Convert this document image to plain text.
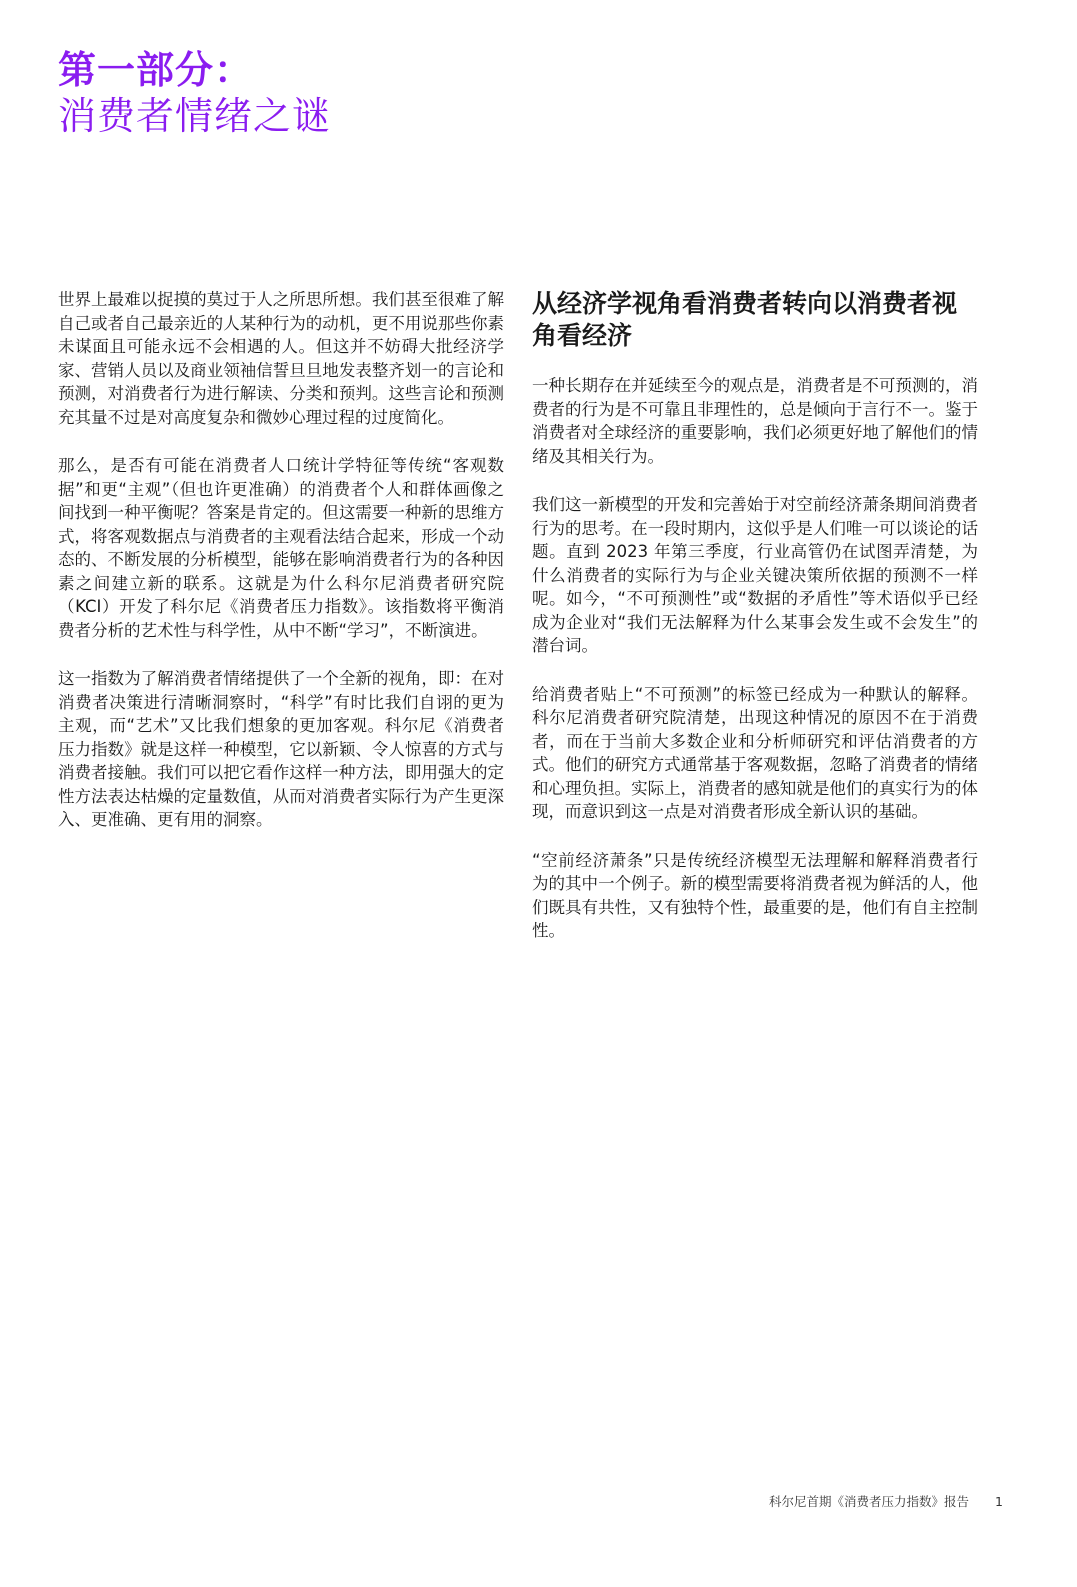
第一部分：
消费者情绪之谜

世界上最难以捉摸的莫过于人之所思所想。我们甚至很难了解自己或者自己最亲近的人某种行为的动机，更不用说那些你素未谋面且可能永远不会相遇的人。但这并不妨碍大批经济学家、营销人员以及商业领袖信誓旦旦地发表整齐划一的言论和预测，对消费者行为进行解读、分类和预判。这些言论和预测充其量不过是对高度复杂和微妙心理过程的过度简化。

那么，是否有可能在消费者人口统计学特征等传统“客观数据”和更“主观”（但也许更准确）的消费者个人和群体画像之间找到一种平衡呢？答案是肯定的。但这需要一种新的思维方式，将客观数据点与消费者的主观看法结合起来，形成一个动态的、不断发展的分析模型，能够在影响消费者行为的各种因素之间建立新的联系。这就是为什么科尔尼消费者研究院（KCI）开发了科尔尼《消费者压力指数》。该指数将平衡消费者分析的艺术性与科学性，从中不断“学习”，不断演进。

这一指数为了解消费者情绪提供了一个全新的视角，即：在对消费者决策进行清晰洞察时，“科学”有时比我们自诩的更为主观，而“艺术”又比我们想象的更加客观。科尔尼《消费者压力指数》就是这样一种模型，它以新颖、令人惊喜的方式与消费者接触。我们可以把它看作这样一种方法，即用强大的定性方法表达枯燥的定量数值，从而对消费者实际行为产生更深入、更准确、更有用的洞察。

从经济学视角看消费者转向以消费者视角看经济

一种长期存在并延续至今的观点是，消费者是不可预测的，消费者的行为是不可靠且非理性的，总是倾向于言行不一。鉴于消费者对全球经济的重要影响，我们必须更好地了解他们的情绪及其相关行为。

我们这一新模型的开发和完善始于对空前经济萧条期间消费者行为的思考。在一段时期内，这似乎是人们唯一可以谈论的话题。直到 2023 年第三季度，行业高管仍在试图弄清楚，为什么消费者的实际行为与企业关键决策所依据的预测不一样呢。如今，“不可预测性”或“数据的矛盾性”等术语似乎已经成为企业对“我们无法解释为什么某事会发生或不会发生”的潜台词。

给消费者贴上“不可预测”的标签已经成为一种默认的解释。科尔尼消费者研究院清楚，出现这种情况的原因不在于消费者，而在于当前大多数企业和分析师研究和评估消费者的方式。他们的研究方式通常基于客观数据，忽略了消费者的情绪和心理负担。实际上，消费者的感知就是他们的真实行为的体现，而意识到这一点是对消费者形成全新认识的基础。

“空前经济萧条”只是传统经济模型无法理解和解释消费者行为的其中一个例子。新的模型需要将消费者视为鲜活的人，他们既具有共性，又有独特个性，最重要的是，他们有自主控制性。

科尔尼首期《消费者压力指数》报告 1
